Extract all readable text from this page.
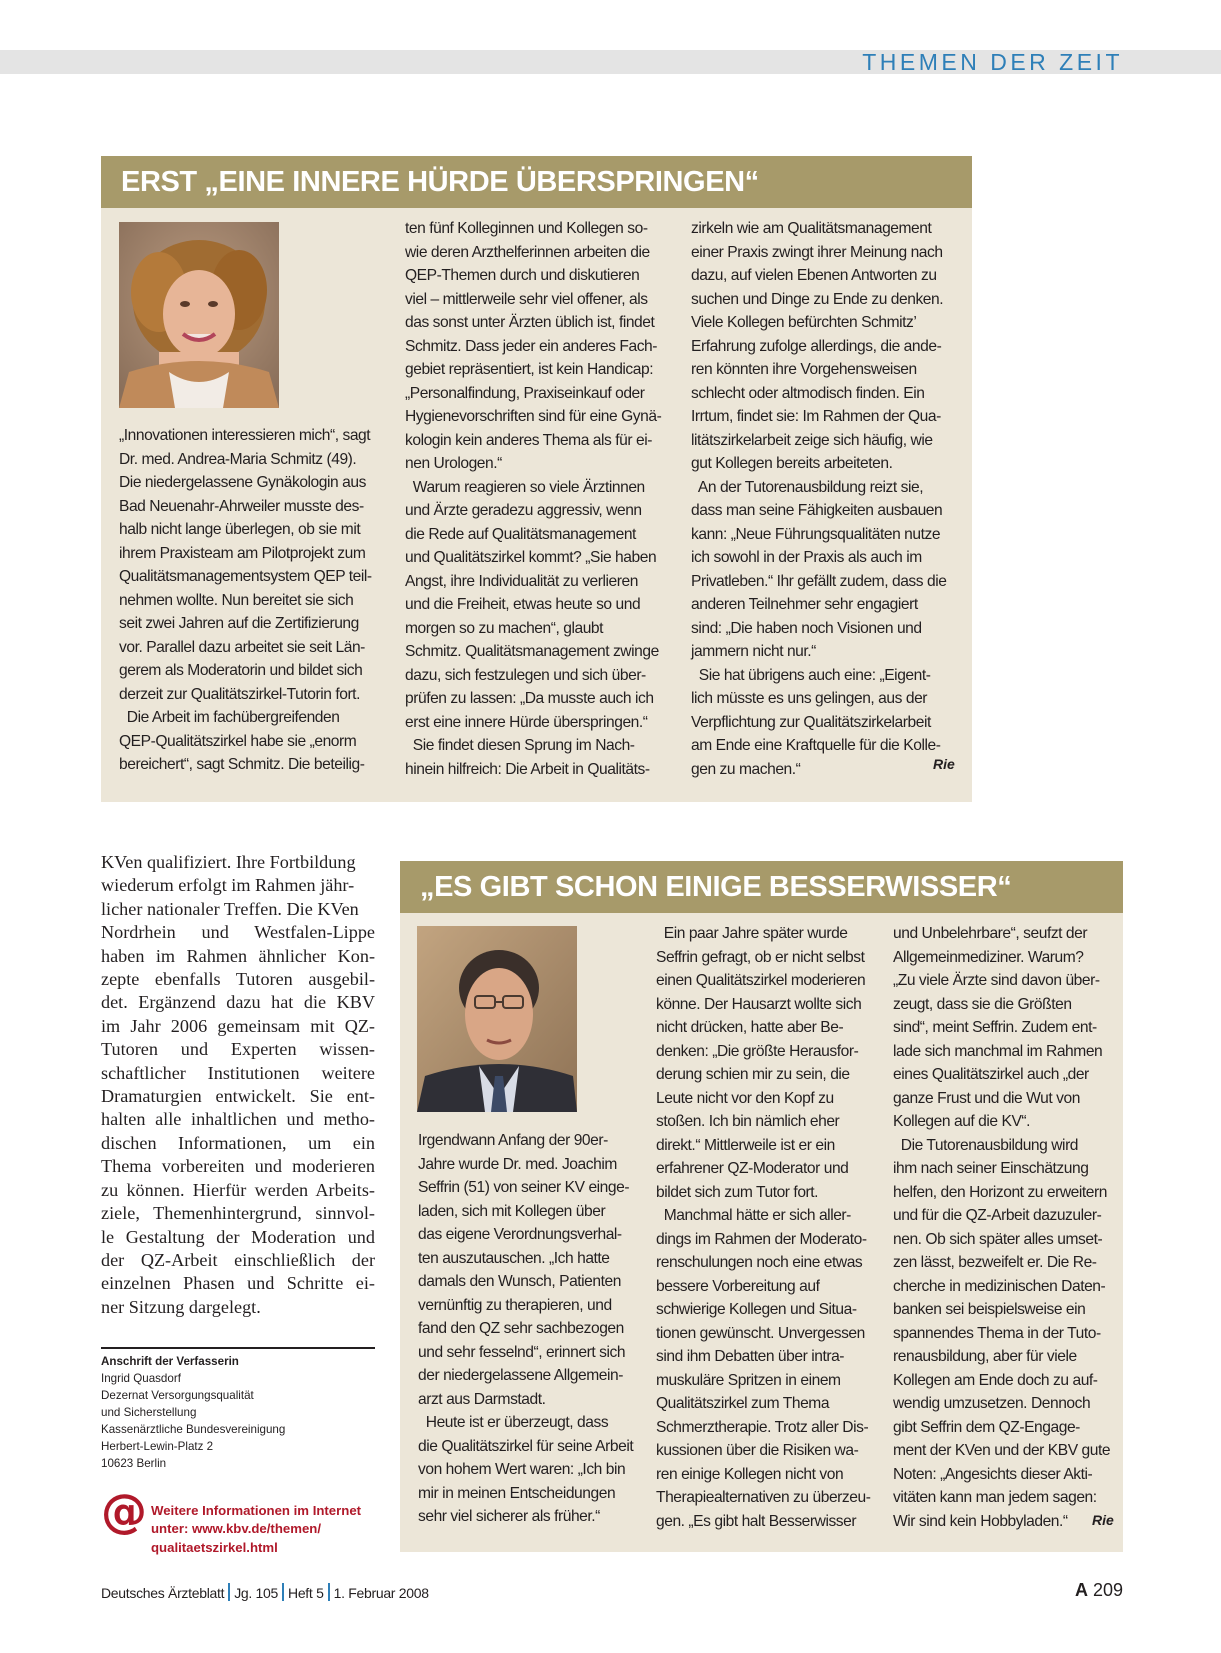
THEMEN DER ZEIT
ERST „EINE INNERE HÜRDE ÜBERSPRINGEN“
„Innovationen interessieren mich“, sagt
Dr. med. Andrea-Maria Schmitz (49).
Die niedergelassene Gynäkologin aus
Bad Neuenahr-Ahrweiler musste des-
halb nicht lange überlegen, ob sie mit
ihrem Praxisteam am Pilotprojekt zum
Qualitätsmanagementsystem QEP teil-
nehmen wollte. Nun bereitet sie sich
seit zwei Jahren auf die Zertifizierung
vor. Parallel dazu arbeitet sie seit Län-
gerem als Moderatorin und bildet sich
derzeit zur Qualitätszirkel-Tutorin fort.
Die Arbeit im fachübergreifenden
QEP-Qualitätszirkel habe sie „enorm
bereichert“, sagt Schmitz. Die beteilig-
ten fünf Kolleginnen und Kollegen so-
wie deren Arzthelferinnen arbeiten die
QEP-Themen durch und diskutieren
viel – mittlerweile sehr viel offener, als
das sonst unter Ärzten üblich ist, findet
Schmitz. Dass jeder ein anderes Fach-
gebiet repräsentiert, ist kein Handicap:
„Personalfindung, Praxiseinkauf oder
Hygienevorschriften sind für eine Gynä-
kologin kein anderes Thema als für ei-
nen Urologen.“
Warum reagieren so viele Ärztinnen
und Ärzte geradezu aggressiv, wenn
die Rede auf Qualitätsmanagement
und Qualitätszirkel kommt? „Sie haben
Angst, ihre Individualität zu verlieren
und die Freiheit, etwas heute so und
morgen so zu machen“, glaubt
Schmitz. Qualitätsmanagement zwinge
dazu, sich festzulegen und sich über-
prüfen zu lassen: „Da musste auch ich
erst eine innere Hürde überspringen.“
Sie findet diesen Sprung im Nach-
hinein hilfreich: Die Arbeit in Qualitäts-
zirkeln wie am Qualitätsmanagement
einer Praxis zwingt ihrer Meinung nach
dazu, auf vielen Ebenen Antworten zu
suchen und Dinge zu Ende zu denken.
Viele Kollegen befürchten Schmitz’
Erfahrung zufolge allerdings, die ande-
ren könnten ihre Vorgehensweisen
schlecht oder altmodisch finden. Ein
Irrtum, findet sie: Im Rahmen der Qua-
litätszirkelarbeit zeige sich häufig, wie
gut Kollegen bereits arbeiteten.
An der Tutorenausbildung reizt sie,
dass man seine Fähigkeiten ausbauen
kann: „Neue Führungsqualitäten nutze
ich sowohl in der Praxis als auch im
Privatleben.“ Ihr gefällt zudem, dass die
anderen Teilnehmer sehr engagiert
sind: „Die haben noch Visionen und
jammern nicht nur.“
Sie hat übrigens auch eine: „Eigent-
lich müsste es uns gelingen, aus der
Verpflichtung zur Qualitätszirkelarbeit
am Ende eine Kraftquelle für die Kolle-
gen zu machen.“	Rie
KVen qualifiziert. Ihre Fortbildung
wiederum erfolgt im Rahmen jähr-
licher nationaler Treffen. Die KVen
Nordrhein und Westfalen-Lippe
haben im Rahmen ähnlicher Kon-
zepte ebenfalls Tutoren ausgebil-
det. Ergänzend dazu hat die KBV
im Jahr 2006 gemeinsam mit QZ-
Tutoren und Experten wissen-
schaftlicher Institutionen weitere
Dramaturgien entwickelt. Sie ent-
halten alle inhaltlichen und metho-
dischen Informationen, um ein
Thema vorbereiten und moderieren
zu können. Hierfür werden Arbeits-
ziele, Themenhintergrund, sinnvol-
le Gestaltung der Moderation und
der QZ-Arbeit einschließlich der
einzelnen Phasen und Schritte ei-
ner Sitzung dargelegt.
Anschrift der Verfasserin
Ingrid Quasdorf
Dezernat Versorgungsqualität
und Sicherstellung
Kassenärztliche Bundesvereinigung
Herbert-Lewin-Platz 2
10623 Berlin
@ Weitere Informationen im Internet
unter: www.kbv.de/themen/
qualitaetszirkel.html
„ES GIBT SCHON EINIGE BESSERWISSER“
Irgendwann Anfang der 90er-
Jahre wurde Dr. med. Joachim
Seffrin (51) von seiner KV einge-
laden, sich mit Kollegen über
das eigene Verordnungsverhal-
ten auszutauschen. „Ich hatte
damals den Wunsch, Patienten
vernünftig zu therapieren, und
fand den QZ sehr sachbezogen
und sehr fesselnd“, erinnert sich
der niedergelassene Allgemein-
arzt aus Darmstadt.
Heute ist er überzeugt, dass
die Qualitätszirkel für seine Arbeit
von hohem Wert waren: „Ich bin
mir in meinen Entscheidungen
sehr viel sicherer als früher.“
Ein paar Jahre später wurde
Seffrin gefragt, ob er nicht selbst
einen Qualitätszirkel moderieren
könne. Der Hausarzt wollte sich
nicht drücken, hatte aber Be-
denken: „Die größte Herausfor-
derung schien mir zu sein, die
Leute nicht vor den Kopf zu
stoßen. Ich bin nämlich eher
direkt.“ Mittlerweile ist er ein
erfahrener QZ-Moderator und
bildet sich zum Tutor fort.
Manchmal hätte er sich aller-
dings im Rahmen der Moderato-
renschulungen noch eine etwas
bessere Vorbereitung auf
schwierige Kollegen und Situa-
tionen gewünscht. Unvergessen
sind ihm Debatten über intra-
muskuläre Spritzen in einem
Qualitätszirkel zum Thema
Schmerztherapie. Trotz aller Dis-
kussionen über die Risiken wa-
ren einige Kollegen nicht von
Therapiealternativen zu überzeu-
gen. „Es gibt halt Besserwisser
und Unbelehrbare“, seufzt der
Allgemeinmediziner. Warum?
„Zu viele Ärzte sind davon über-
zeugt, dass sie die Größten
sind“, meint Seffrin. Zudem ent-
lade sich manchmal im Rahmen
eines Qualitätszirkel auch „der
ganze Frust und die Wut von
Kollegen auf die KV“.
Die Tutorenausbildung wird
ihm nach seiner Einschätzung
helfen, den Horizont zu erweitern
und für die QZ-Arbeit dazuzuler-
nen. Ob sich später alles umset-
zen lässt, bezweifelt er. Die Re-
cherche in medizinischen Daten-
banken sei beispielsweise ein
spannendes Thema in der Tuto-
renausbildung, aber für viele
Kollegen am Ende doch zu auf-
wendig umzusetzen. Dennoch
gibt Seffrin dem QZ-Engage-
ment der KVen und der KBV gute
Noten: „Angesichts dieser Akti-
vitäten kann man jedem sagen:
Wir sind kein Hobbyladen.“	Rie
Deutsches Ärzteblatt Jg. 105 Heft 5 1. Februar 2008	A 209
